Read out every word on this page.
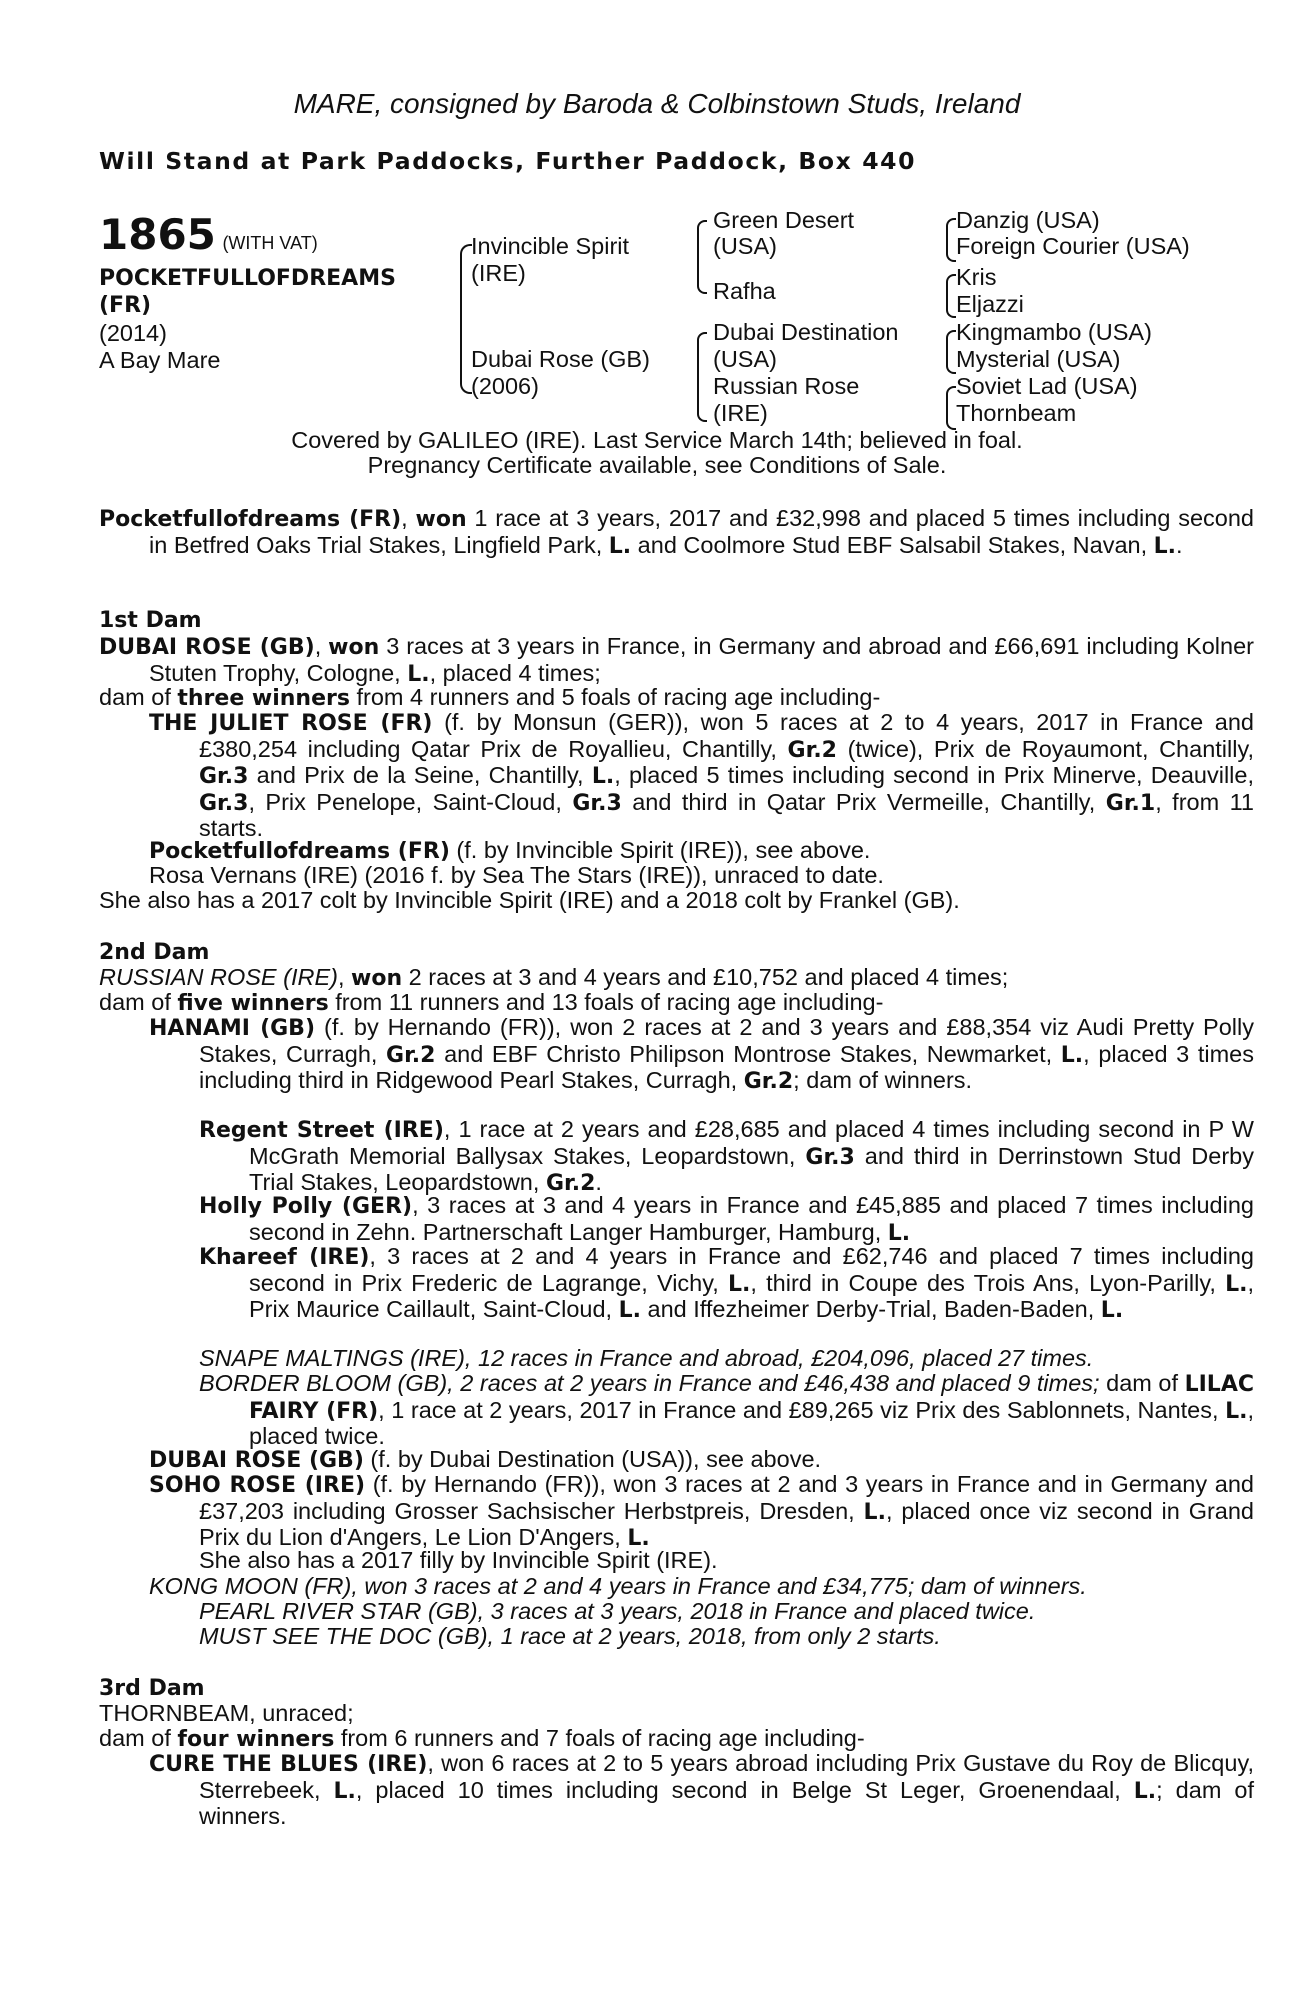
MARE, consigned by Baroda & Colbinstown Studs, Ireland
Will Stand at Park Paddocks, Further Paddock, Box 440
1865 (WITH VAT)
POCKETFULLOFDREAMS
(FR)
(2014)
A Bay Mare
Invincible Spirit
(IRE)
Dubai Rose (GB)
(2006)
Green Desert
(USA)
Rafha
Dubai Destination
(USA)
Russian Rose
(IRE)
Danzig (USA)
Foreign Courier (USA)
Kris
Eljazzi
Kingmambo (USA)
Mysterial (USA)
Soviet Lad (USA)
Thornbeam
Covered by GALILEO (IRE). Last Service March 14th; believed in foal.
Pregnancy Certificate available, see Conditions of Sale.
Pocketfullofdreams (FR), won 1 race at 3 years, 2017 and £32,998 and placed 5 times including second in Betfred Oaks Trial Stakes, Lingfield Park, L. and Coolmore Stud EBF Salsabil Stakes, Navan, L..
1st Dam
DUBAI ROSE (GB), won 3 races at 3 years in France, in Germany and abroad and £66,691 including Kolner Stuten Trophy, Cologne, L., placed 4 times;
dam of three winners from 4 runners and 5 foals of racing age including-
THE JULIET ROSE (FR) (f. by Monsun (GER)), won 5 races at 2 to 4 years, 2017 in France and £380,254 including Qatar Prix de Royallieu, Chantilly, Gr.2 (twice), Prix de Royaumont, Chantilly, Gr.3 and Prix de la Seine, Chantilly, L., placed 5 times including second in Prix Minerve, Deauville, Gr.3, Prix Penelope, Saint-Cloud, Gr.3 and third in Qatar Prix Vermeille, Chantilly, Gr.1, from 11 starts.
Pocketfullofdreams (FR) (f. by Invincible Spirit (IRE)), see above.
Rosa Vernans (IRE) (2016 f. by Sea The Stars (IRE)), unraced to date.
She also has a 2017 colt by Invincible Spirit (IRE) and a 2018 colt by Frankel (GB).
2nd Dam
RUSSIAN ROSE (IRE), won 2 races at 3 and 4 years and £10,752 and placed 4 times;
dam of five winners from 11 runners and 13 foals of racing age including-
HANAMI (GB) (f. by Hernando (FR)), won 2 races at 2 and 3 years and £88,354 viz Audi Pretty Polly Stakes, Curragh, Gr.2 and EBF Christo Philipson Montrose Stakes, Newmarket, L., placed 3 times including third in Ridgewood Pearl Stakes, Curragh, Gr.2; dam of winners.
Regent Street (IRE), 1 race at 2 years and £28,685 and placed 4 times including second in P W McGrath Memorial Ballysax Stakes, Leopardstown, Gr.3 and third in Derrinstown Stud Derby Trial Stakes, Leopardstown, Gr.2.
Holly Polly (GER), 3 races at 3 and 4 years in France and £45,885 and placed 7 times including second in Zehn. Partnerschaft Langer Hamburger, Hamburg, L.
Khareef (IRE), 3 races at 2 and 4 years in France and £62,746 and placed 7 times including second in Prix Frederic de Lagrange, Vichy, L., third in Coupe des Trois Ans, Lyon-Parilly, L., Prix Maurice Caillault, Saint-Cloud, L. and Iffezheimer Derby-Trial, Baden-Baden, L.
SNAPE MALTINGS (IRE), 12 races in France and abroad, £204,096, placed 27 times.
BORDER BLOOM (GB), 2 races at 2 years in France and £46,438 and placed 9 times; dam of LILAC FAIRY (FR), 1 race at 2 years, 2017 in France and £89,265 viz Prix des Sablonnets, Nantes, L., placed twice.
DUBAI ROSE (GB) (f. by Dubai Destination (USA)), see above.
SOHO ROSE (IRE) (f. by Hernando (FR)), won 3 races at 2 and 3 years in France and in Germany and £37,203 including Grosser Sachsischer Herbstpreis, Dresden, L., placed once viz second in Grand Prix du Lion d'Angers, Le Lion D'Angers, L.
She also has a 2017 filly by Invincible Spirit (IRE).
KONG MOON (FR), won 3 races at 2 and 4 years in France and £34,775; dam of winners.
PEARL RIVER STAR (GB), 3 races at 3 years, 2018 in France and placed twice.
MUST SEE THE DOC (GB), 1 race at 2 years, 2018, from only 2 starts.
3rd Dam
THORNBEAM, unraced;
dam of four winners from 6 runners and 7 foals of racing age including-
CURE THE BLUES (IRE), won 6 races at 2 to 5 years abroad including Prix Gustave du Roy de Blicquy, Sterrebeek, L., placed 10 times including second in Belge St Leger, Groenendaal, L.; dam of winners.
